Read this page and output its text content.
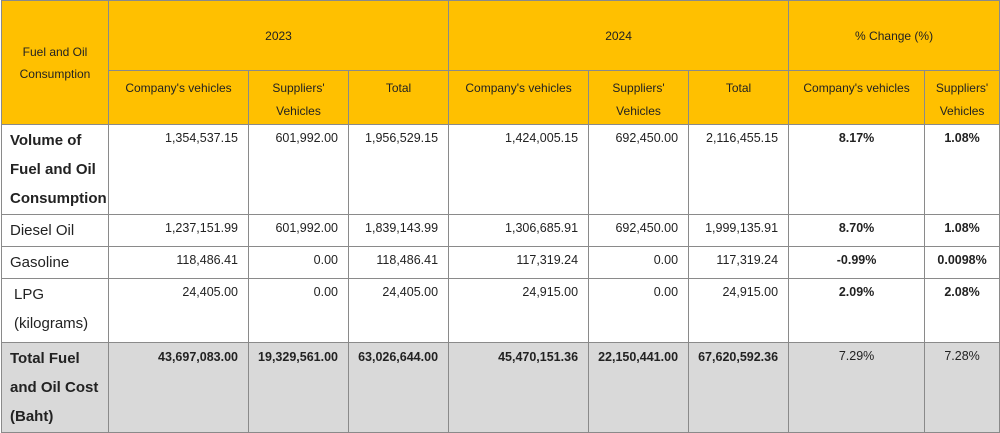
Fuel and Oil Consumption	2023			2024			% Change (%)	
	Company's vehicles	Suppliers' Vehicles	Total	Company's vehicles	Suppliers' Vehicles	Total	Company's vehicles	Suppliers' Vehicles
Volume of Fuel and Oil Consumption	1,354,537.15	601,992.00	1,956,529.15	1,424,005.15	692,450.00	2,116,455.15	8.17%	1.08%
Diesel Oil	1,237,151.99	601,992.00	1,839,143.99	1,306,685.91	692,450.00	1,999,135.91	8.70%	1.08%
Gasoline	118,486.41	0.00	118,486.41	117,319.24	0.00	117,319.24	-0.99%	0.0098%
LPG (kilograms)	24,405.00	0.00	24,405.00	24,915.00	0.00	24,915.00	2.09%	2.08%
Total Fuel and Oil Cost (Baht)	43,697,083.00	19,329,561.00	63,026,644.00	45,470,151.36	22,150,441.00	67,620,592.36	7.29%	7.28%
